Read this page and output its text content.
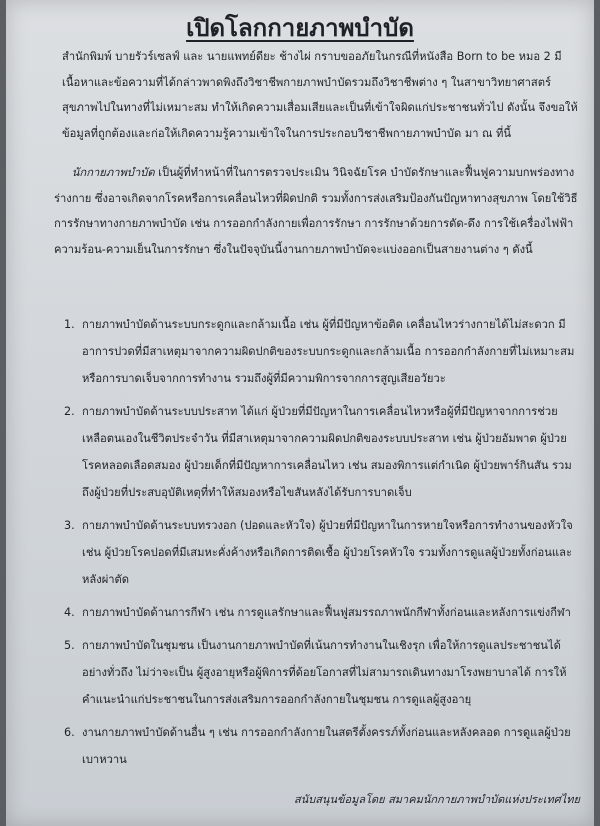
เปิดโลกกายภาพบำบัด

สำนักพิมพ์ บายรัวร์เซลฟ์ และ นายแพทย์ดียะ ช้างไผ่ กราบขออภัยในกรณีที่หนังสือ Born to be หมอ 2 มีเนื้อหาและข้อความที่ได้กล่าวพาดพิงถึงวิชาชีพกายภาพบำบัดรวมถึงวิชาชีพต่าง ๆ ในสาขาวิทยาศาสตร์สุขภาพไปในทางที่ไม่เหมาะสม ทำให้เกิดความเสื่อมเสียและเป็นที่เข้าใจผิดแก่ประชาชนทั่วไป ดังนั้น จึงขอให้ข้อมูลที่ถูกต้องและก่อให้เกิดความรู้ความเข้าใจในการประกอบวิชาชีพกายภาพบำบัด มา ณ ที่นี้

นักกายภาพบำบัด เป็นผู้ที่ทำหน้าที่ในการตรวจประเมิน วินิจฉัยโรค บำบัดรักษาและฟื้นฟูความบกพร่องทางร่างกาย ซึ่งอาจเกิดจากโรคหรือการเคลื่อนไหวที่ผิดปกติ รวมทั้งการส่งเสริมป้องกันปัญหาทางสุขภาพ โดยใช้วิธีการรักษาทางกายภาพบำบัด เช่น การออกกำลังกายเพื่อการรักษา การรักษาด้วยการดัด-ดึง การใช้เครื่องไฟฟ้า ความร้อน-ความเย็นในการรักษา ซึ่งในปัจจุบันนี้งานกายภาพบำบัดจะแบ่งออกเป็นสายงานต่าง ๆ ดังนี้

1. กายภาพบำบัดด้านระบบกระดูกและกล้ามเนื้อ เช่น ผู้ที่มีปัญหาข้อติด เคลื่อนไหวร่างกายได้ไม่สะดวก มีอาการปวดที่มีสาเหตุมาจากความผิดปกติของระบบกระดูกและกล้ามเนื้อ การออกกำลังกายที่ไม่เหมาะสมหรือการบาดเจ็บจากการทำงาน รวมถึงผู้ที่มีความพิการจากการสูญเสียอวัยวะ
2. กายภาพบำบัดด้านระบบประสาท ได้แก่ ผู้ป่วยที่มีปัญหาในการเคลื่อนไหวหรือผู้ที่มีปัญหาจากการช่วยเหลือตนเองในชีวิตประจำวัน ที่มีสาเหตุมาจากความผิดปกติของระบบประสาท เช่น ผู้ป่วยอัมพาต ผู้ป่วยโรคหลอดเลือดสมอง ผู้ป่วยเด็กที่มีปัญหาการเคลื่อนไหว เช่น สมองพิการแต่กำเนิด ผู้ป่วยพาร์กินสัน รวมถึงผู้ป่วยที่ประสบอุบัติเหตุที่ทำให้สมองหรือไขสันหลังได้รับการบาดเจ็บ
3. กายภาพบำบัดด้านระบบทรวงอก (ปอดและหัวใจ) ผู้ป่วยที่มีปัญหาในการหายใจหรือการทำงานของหัวใจ เช่น ผู้ป่วยโรคปอดที่มีเสมหะคั่งค้างหรือเกิดการติดเชื้อ ผู้ป่วยโรคหัวใจ รวมทั้งการดูแลผู้ป่วยทั้งก่อนและหลังผ่าตัด
4. กายภาพบำบัดด้านการกีฬา เช่น การดูแลรักษาและฟื้นฟูสมรรถภาพนักกีฬาทั้งก่อนและหลังการแข่งกีฬา
5. กายภาพบำบัดในชุมชน เป็นงานกายภาพบำบัดที่เน้นการทำงานในเชิงรุก เพื่อให้การดูแลประชาชนได้อย่างทั่วถึง ไม่ว่าจะเป็น ผู้สูงอายุหรือผู้พิการที่ด้อยโอกาสที่ไม่สามารถเดินทางมาโรงพยาบาลได้ การให้คำแนะนำแก่ประชาชนในการส่งเสริมการออกกำลังกายในชุมชน การดูแลผู้สูงอายุ
6. งานกายภาพบำบัดด้านอื่น ๆ เช่น การออกกำลังกายในสตรีตั้งครรภ์ทั้งก่อนและหลังคลอด การดูแลผู้ป่วยเบาหวาน
สนับสนุนข้อมูลโดย สมาคมนักกายภาพบำบัดแห่งประเทศไทย
